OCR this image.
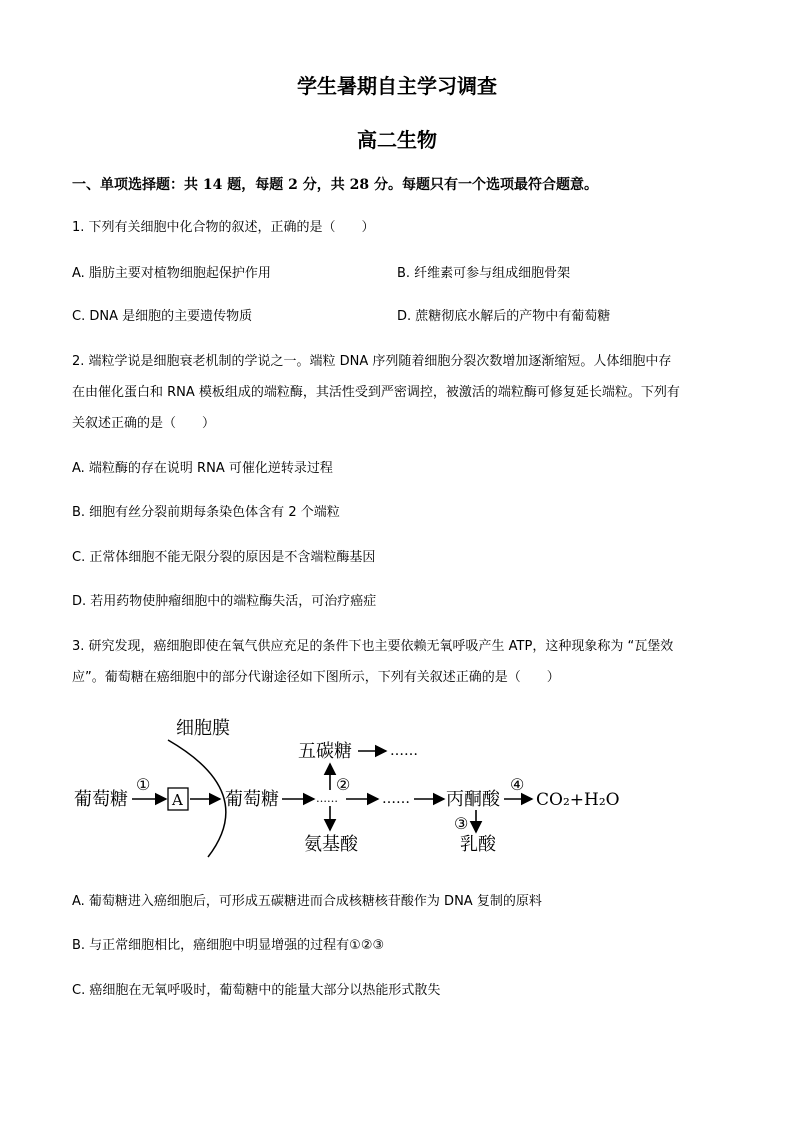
学生暑期自主学习调查
高二生物
一、单项选择题：共 14 题，每题 2 分，共 28 分。每题只有一个选项最符合题意。
1. 下列有关细胞中化合物的叙述，正确的是（　　）
A. 脂肪主要对植物细胞起保护作用	B. 纤维素可参与组成细胞骨架
C. DNA 是细胞的主要遗传物质	D. 蔗糖彻底水解后的产物中有葡萄糖
2. 端粒学说是细胞衰老机制的学说之一。端粒 DNA 序列随着细胞分裂次数增加逐渐缩短。人体细胞中存
在由催化蛋白和 RNA 模板组成的端粒酶，其活性受到严密调控，被激活的端粒酶可修复延长端粒。下列有
关叙述正确的是（　　）
A. 端粒酶的存在说明 RNA 可催化逆转录过程
B. 细胞有丝分裂前期每条染色体含有 2 个端粒
C. 正常体细胞不能无限分裂的原因是不含端粒酶基因
D. 若用药物使肿瘤细胞中的端粒酶失活，可治疗癌症
3. 研究发现，癌细胞即使在氧气供应充足的条件下也主要依赖无氧呼吸产生 ATP，这种现象称为 “瓦堡效
应”。葡萄糖在癌细胞中的部分代谢途径如下图所示，下列有关叙述正确的是（　　）
细胞膜
葡萄糖
①
A 葡萄糖	……
②
五碳糖	……
氨基酸
…… 丙酮酸
④
CO₂+H₂O
③
乳酸
A. 葡萄糖进入癌细胞后，可形成五碳糖进而合成核糖核苷酸作为 DNA 复制的原料
B. 与正常细胞相比，癌细胞中明显增强的过程有①②③
C. 癌细胞在无氧呼吸时，葡萄糖中的能量大部分以热能形式散失
